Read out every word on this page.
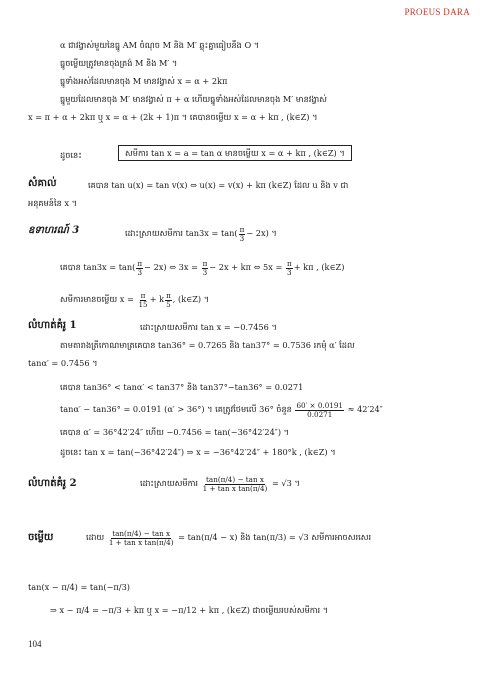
PROEUS DARA
α ជាវង្វាស់មួយនៃធ្នូ AM ចំណុច M និង M′ ឆ្លុះគ្នាធៀបនឹង O ។
ធ្នូចម្លើយត្រូវមានចុងត្រង់ M និង M′ ។
ធ្នូទាំងអស់ដែលមានចុង M មានវង្វាស់ x = α + 2kπ
ធ្នូមួយដែលមានចុង M′ មានវង្វាស់ π + α ហើយធ្នូទាំងអស់ដែលមានចុង M′ មានវង្វាស់
x = π + α + 2kπ ឬ x = α + (2k + 1)π ។ គេបានចម្លើយ x = α + kπ , (k∈Z) ។
ដូចនេះ	សមីការ tan x = a = tan α មានចម្លើយ x = α + kπ , (k∈Z) ។
សំគាល់	គេបាន tan u(x) = tan v(x) ⇔ u(x) = v(x) + kπ (k∈Z) ដែល u និង v ជា
អនុគមន៍នៃ x ។
ឧទាហរណ៍ 3	ដោះស្រាយសមីការ $\tan 3x = \tan( \frac{\pi}{3} - 2x)$ ។
គេបាន $\tan 3x = \tan( \frac{\pi}{3} - 2x)$ ⇔ $3x = \frac{\pi}{3} - 2x + k\pi$ ⇔ $5x = \frac{\pi}{3} + k\pi$ , (k∈Z)
សមីការមានចម្លើយ $x = \frac{\pi}{15} + k \frac{\pi}{5}$ , (k∈Z) ។
លំហាត់គំរូ 1	ដោះស្រាយសមីការ tan x = −0.7456 ។
តាមតារាងត្រីកោណមាត្រគេបាន tan36° = 0.7265 និង tan37° = 0.7536 រកមុំ α′ ដែល
tanα′ = 0.7456 ។
គេបាន tan36° < tanα′ < tan37° និង tan37°−tan36° = 0.0271
tanα′ − tan36° = 0.0191 (α′ > 36°) ។ គេត្រូវថែមលើ 36° ចំនួន $\frac{60' \times 0.0191}{0.0271} \approx 42'24''$
គេបាន α′ = 36°42′24″ ហើយ −0.7456 = tan(−36°42′24″) ។
ដូចនេះ tan x = tan(−36°42′24″) ⇒ x = −36°42′24″ + 180°k , (k∈Z) ។
លំហាត់គំរូ 2	ដោះស្រាយសមីការ $\frac{\text{tan(π/4) − tan x}}{\text{1 + tan x tan(π/4)}} = √3$ ។
ចម្លើយ	ដោយ $\frac{\text{tan(π/4) − tan x}}{\text{1 + tan x tan(π/4)}} = \tan(\pi/4 - x)$ និង tan(π/3) = √3 សមីការអាចសរសេរ
tan(x − π/4) = tan(−π/3)
⇒ x − π/4 = −π/3 + kπ ឬ x = −π/12 + kπ , (k∈Z) ជាចម្លើយរបស់សមីការ ។
104
